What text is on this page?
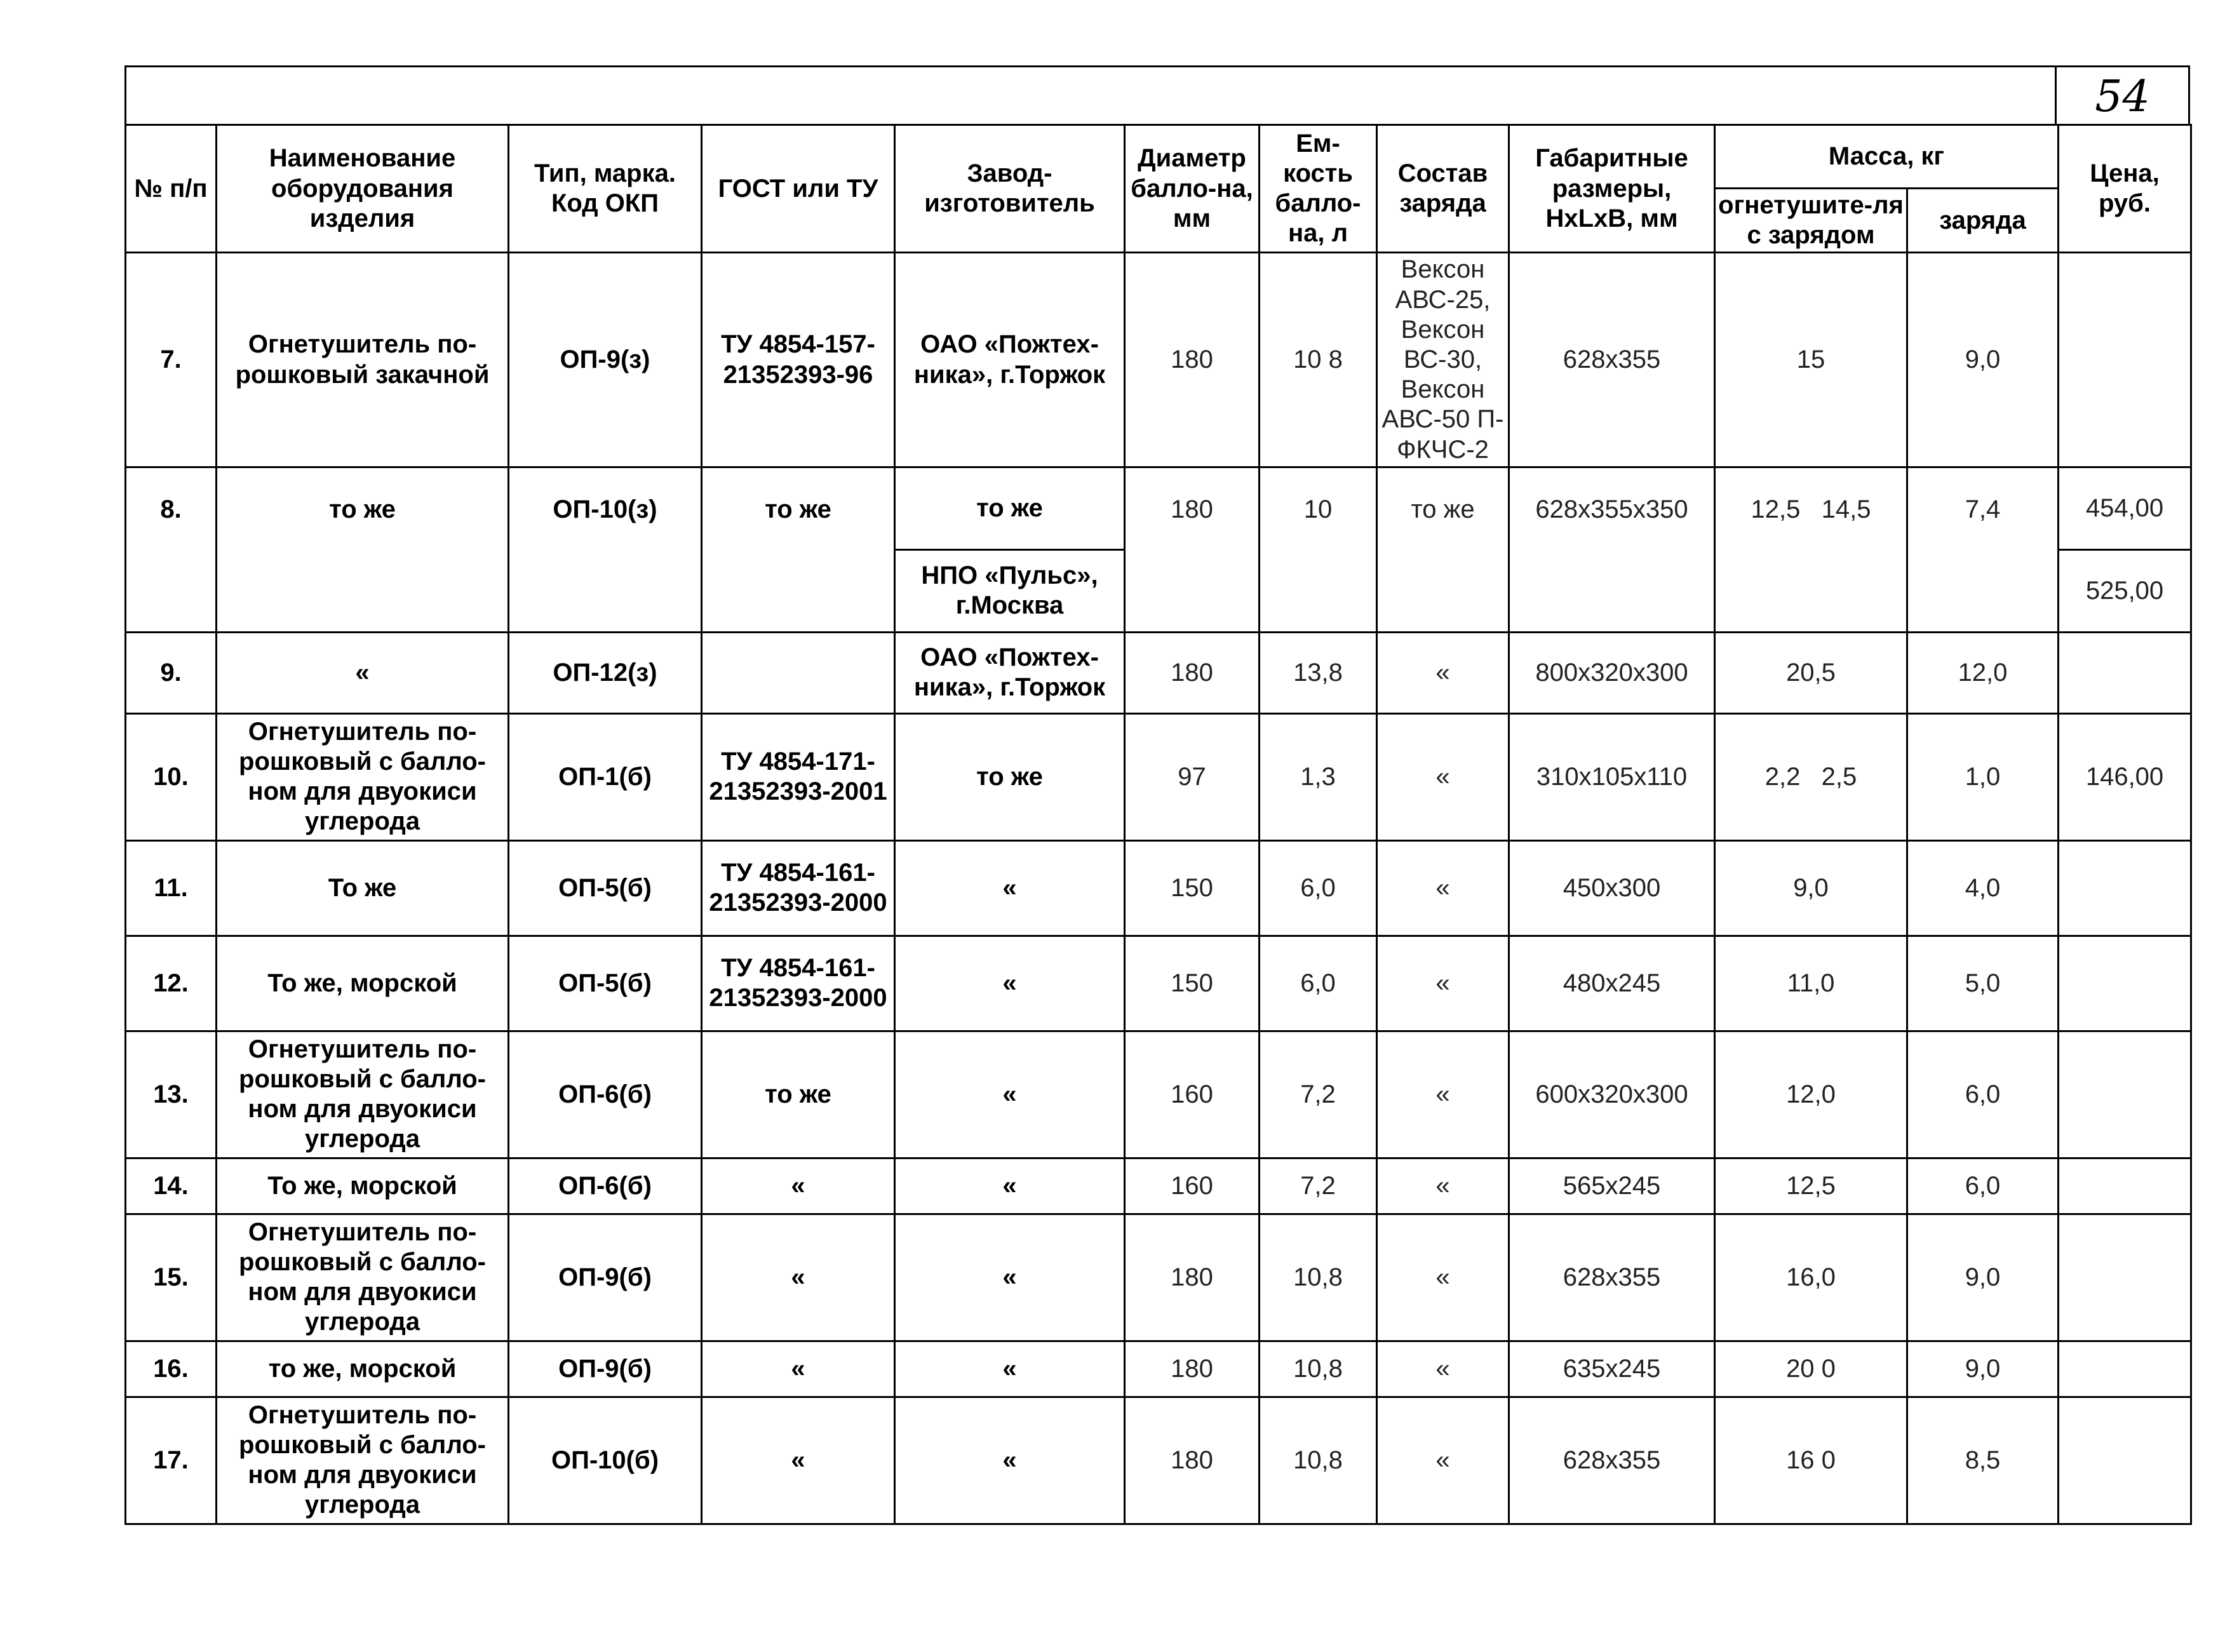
54
№ п/п	Наименование оборудования изделия	Тип, марка. Код ОКП	ГОСТ или ТУ	Завод-изготовитель	Диаметр балло-на, мм	Ем-кость балло-на, л	Состав заряда	Габаритные размеры, HxLxB, мм	Масса, кг		Цена, руб.
									огнетушите-ля с зарядом	заряда	
7.	Огнетушитель по-рошковый закачной	ОП-9(з)	ТУ 4854-157-21352393-96	ОАО «Пожтех-ника», г.Торжок	180	10 8	Вексон АВС-25, Вексон ВС-30, Вексон АВС-50 П-ФКЧС-2	628х355	15	9,0	
8.	то же	ОП-10(з)	то же	то же	180	10	то же	628х355х350	12,5   14,5	7,4	454,00
				НПО «Пульс», г.Москва							525,00
9.	«	ОП-12(з)		ОАО «Пожтех-ника», г.Торжок	180	13,8	«	800х320х300	20,5	12,0	
10.	Огнетушитель по-рошковый с балло-ном для двуокиси углерода	ОП-1(б)	ТУ 4854-171-21352393-2001	то же	97	1,3	«	310х105х110	2,2   2,5	1,0	146,00
11.	То же	ОП-5(б)	ТУ 4854-161-21352393-2000	«	150	6,0	«	450х300	9,0	4,0	
12.	То же, морской	ОП-5(б)	ТУ 4854-161-21352393-2000	«	150	6,0	«	480х245	11,0	5,0	
13.	Огнетушитель по-рошковый с балло-ном для двуокиси углерода	ОП-6(б)	то же	«	160	7,2	«	600х320х300	12,0	6,0	
14.	То же, морской	ОП-6(б)	«	«	160	7,2	«	565х245	12,5	6,0	
15.	Огнетушитель по-рошковый с балло-ном для двуокиси углерода	ОП-9(б)	«	«	180	10,8	«	628х355	16,0	9,0	
16.	то же, морской	ОП-9(б)	«	«	180	10,8	«	635х245	20 0	9,0	
17.	Огнетушитель по-рошковый с балло-ном для двуокиси углерода	ОП-10(б)	«	«	180	10,8	«	628х355	16 0	8,5	
